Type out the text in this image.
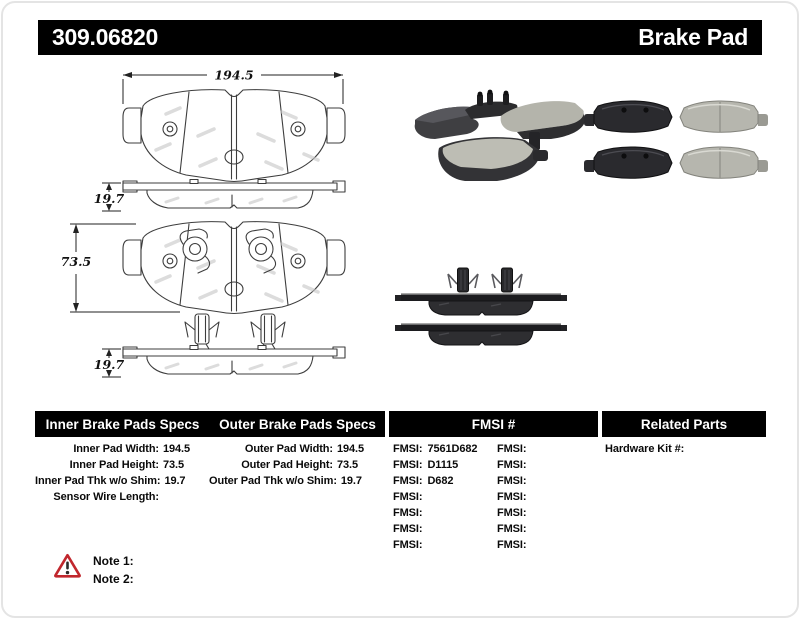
309.06820	Brake Pad
194.5
19.7
73.5
19.7
Inner Brake Pads Specs	Outer Brake Pads Specs	FMSI #	Related Parts
Inner Pad Width: 194.5
Inner Pad Height: 73.5
Inner Pad Thk w/o Shim: 19.7
Sensor Wire Length:
Outer Pad Width: 194.5
Outer Pad Height: 73.5
Outer Pad Thk w/o Shim: 19.7
FMSI: 7561D682
FMSI: D1115
FMSI: D682
FMSI:
FMSI:
FMSI:
FMSI:
FMSI:
FMSI:
FMSI:
FMSI:
FMSI:
FMSI:
FMSI:
Hardware Kit #:
Note 1:
Note 2:
